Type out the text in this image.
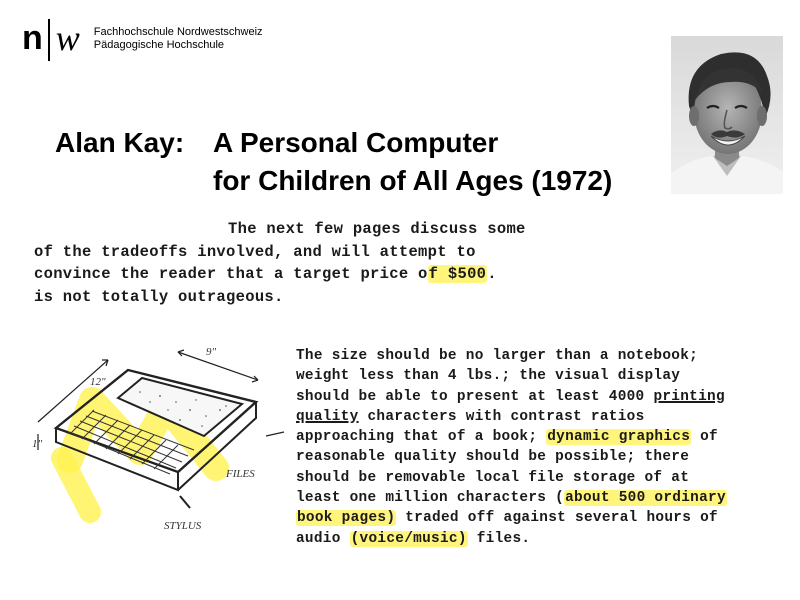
n w Fachhochschule Nordwestschweiz
Pädagogische Hochschule
Alan Kay: A Personal Computer
for Children of All Ages (1972)
The next few pages discuss some
of the tradeoffs involved, and will attempt to
convince the reader that a target price of $500.
is not totally outrageous.
9"
12"
1"
FILES
STYLUS
The size should be no larger than a notebook;
weight less than 4 lbs.; the visual display
should be able to present at least 4000 printing
quality characters with contrast ratios
approaching that of a book; dynamic graphics of
reasonable quality should be possible; there
should be removable local file storage of at
least one million characters (about 500 ordinary
book pages) traded off against several hours of
audio (voice/music) files.
